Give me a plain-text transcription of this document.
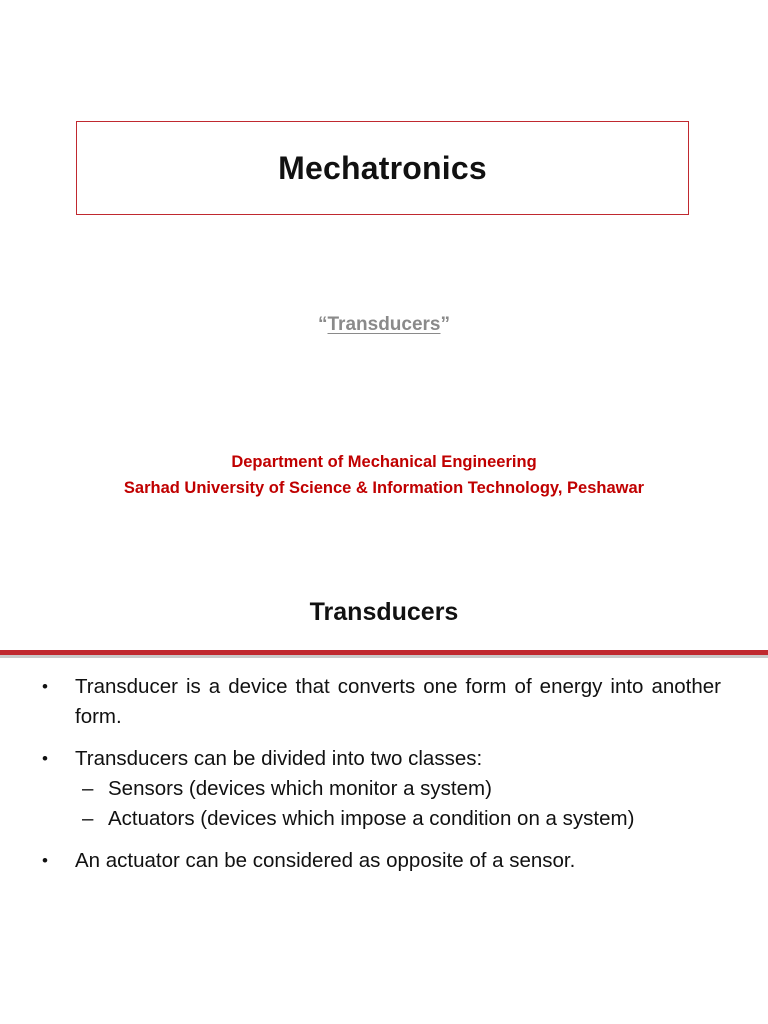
Mechatronics
“Transducers”
Department of Mechanical Engineering
Sarhad University of Science & Information Technology, Peshawar
Transducers
• Transducer is a device that converts one form of energy into another form.
• Transducers can be divided into two classes:
– Sensors (devices which monitor a system)
– Actuators (devices which impose a condition on a system)
• An actuator can be considered as opposite of a sensor.
